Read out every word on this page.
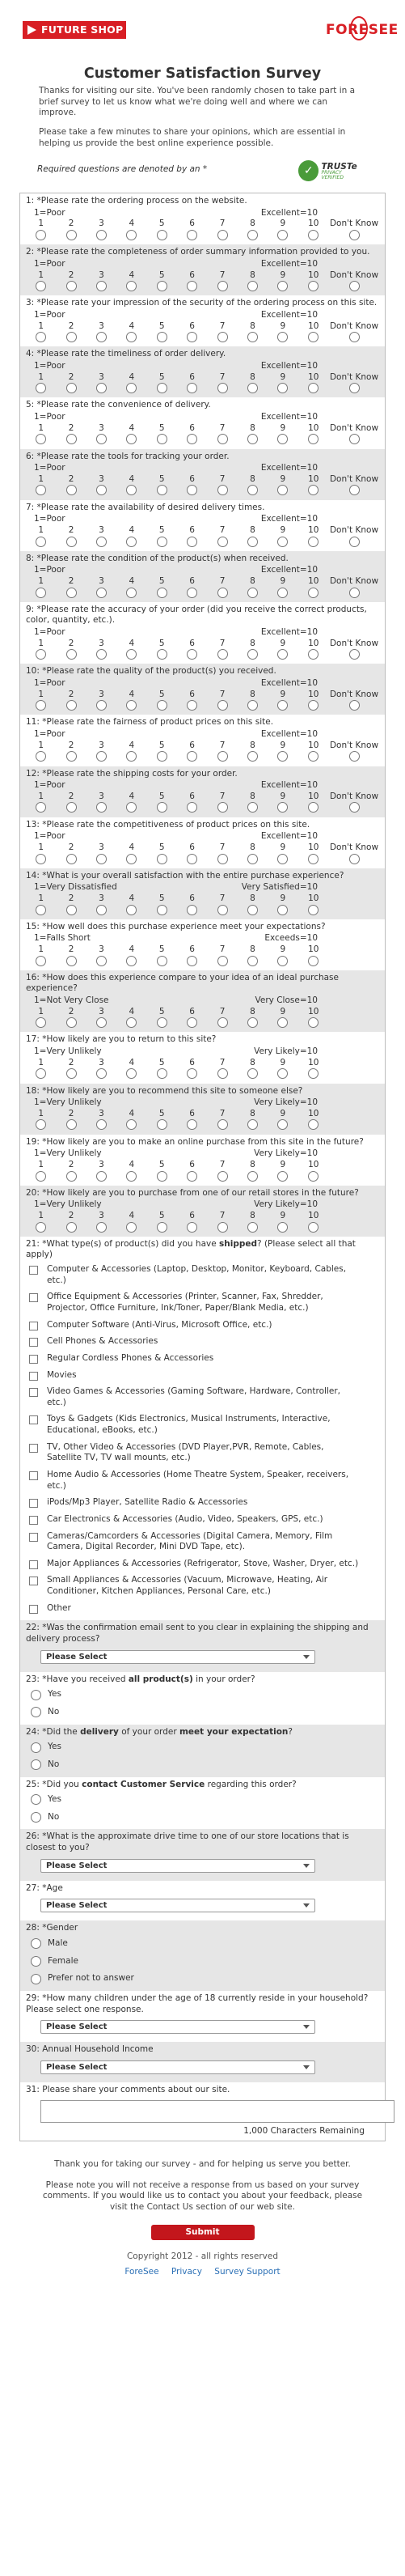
FUTURE SHOP	FORESEE
Customer Satisfaction Survey

Thanks for visiting our site. You've been randomly chosen to take part in a brief survey to let us know what we're doing well and where we can improve.

Please take a few minutes to share your opinions, which are essential in helping us provide the best online experience possible.

Required questions are denoted by an *	✓ TRUSTe
PRIVACY VERIFIED
1: *Please rate the ordering process on the website.
1=Poor	Excellent=10
1	2	3	4	5	6	7	8	9	10	Don't Know

2: *Please rate the completeness of order summary information provided to you.
1=Poor	Excellent=10
1	2	3	4	5	6	7	8	9	10	Don't Know

3: *Please rate your impression of the security of the ordering process on this site.
1=Poor	Excellent=10
1	2	3	4	5	6	7	8	9	10	Don't Know

4: *Please rate the timeliness of order delivery.
1=Poor	Excellent=10
1	2	3	4	5	6	7	8	9	10	Don't Know

5: *Please rate the convenience of delivery.
1=Poor	Excellent=10
1	2	3	4	5	6	7	8	9	10	Don't Know

6: *Please rate the tools for tracking your order.
1=Poor	Excellent=10
1	2	3	4	5	6	7	8	9	10	Don't Know

7: *Please rate the availability of desired delivery times.
1=Poor	Excellent=10
1	2	3	4	5	6	7	8	9	10	Don't Know

8: *Please rate the condition of the product(s) when received.
1=Poor	Excellent=10
1	2	3	4	5	6	7	8	9	10	Don't Know

9: *Please rate the accuracy of your order (did you receive the correct products, color, quantity, etc.).
1=Poor	Excellent=10
1	2	3	4	5	6	7	8	9	10	Don't Know

10: *Please rate the quality of the product(s) you received.
1=Poor	Excellent=10
1	2	3	4	5	6	7	8	9	10	Don't Know

11: *Please rate the fairness of product prices on this site.
1=Poor	Excellent=10
1	2	3	4	5	6	7	8	9	10	Don't Know

12: *Please rate the shipping costs for your order.
1=Poor	Excellent=10
1	2	3	4	5	6	7	8	9	10	Don't Know

13: *Please rate the competitiveness of product prices on this site.
1=Poor	Excellent=10
1	2	3	4	5	6	7	8	9	10	Don't Know

14: *What is your overall satisfaction with the entire purchase experience?
1=Very Dissatisfied	Very Satisfied=10
1	2	3	4	5	6	7	8	9	10	

15: *How well does this purchase experience meet your expectations?
1=Falls Short	Exceeds=10
1	2	3	4	5	6	7	8	9	10	

16: *How does this experience compare to your idea of an ideal purchase experience?
1=Not Very Close	Very Close=10
1	2	3	4	5	6	7	8	9	10	

17: *How likely are you to return to this site?
1=Very Unlikely	Very Likely=10
1	2	3	4	5	6	7	8	9	10	

18: *How likely are you to recommend this site to someone else?
1=Very Unlikely	Very Likely=10
1	2	3	4	5	6	7	8	9	10	

19: *How likely are you to make an online purchase from this site in the future?
1=Very Unlikely	Very Likely=10
1	2	3	4	5	6	7	8	9	10	

20: *How likely are you to purchase from one of our retail stores in the future?
1=Very Unlikely	Very Likely=10
1	2	3	4	5	6	7	8	9	10	

21: *What type(s) of product(s) did you have shipped? (Please select all that apply)
Computer & Accessories (Laptop, Desktop, Monitor, Keyboard, Cables, etc.)
Office Equipment & Accessories (Printer, Scanner, Fax, Shredder, Projector, Office Furniture, Ink/Toner, Paper/Blank Media, etc.)
Computer Software (Anti-Virus, Microsoft Office, etc.)
Cell Phones & Accessories
Regular Cordless Phones & Accessories
Movies
Video Games & Accessories (Gaming Software, Hardware, Controller, etc.)
Toys & Gadgets (Kids Electronics, Musical Instruments, Interactive, Educational, eBooks, etc.)
TV, Other Video & Accessories (DVD Player,PVR, Remote, Cables, Satellite TV, TV wall mounts, etc.)
Home Audio & Accessories (Home Theatre System, Speaker, receivers, etc.)
iPods/Mp3 Player, Satellite Radio & Accessories
Car Electronics & Accessories (Audio, Video, Speakers, GPS, etc.)
Cameras/Camcorders & Accessories (Digital Camera, Memory, Film Camera, Digital Recorder, Mini DVD Tape, etc).
Major Appliances & Accessories (Refrigerator, Stove, Washer, Dryer, etc.)
Small Appliances & Accessories (Vacuum, Microwave, Heating, Air Conditioner, Kitchen Appliances, Personal Care, etc.)
Other
22: *Was the confirmation email sent to you clear in explaining the shipping and delivery process?
Please Select
23: *Have you received all product(s) in your order?
Yes
No
24: *Did the delivery of your order meet your expectation?
Yes
No
25: *Did you contact Customer Service regarding this order?
Yes
No
26: *What is the approximate drive time to one of our store locations that is closest to you?
Please Select
27: *Age
Please Select
28: *Gender
Male
Female
Prefer not to answer
29: *How many children under the age of 18 currently reside in your household? Please select one response.
Please Select
30: Annual Household Income
Please Select
31: Please share your comments about our site.
1,000 Characters Remaining

Thank you for taking our survey - and for helping us serve you better.

Please note you will not receive a response from us based on your survey comments. If you would like us to contact you about your feedback, please visit the Contact Us section of our web site.

Submit
Copyright 2012 - all rights reserved
ForeSee Privacy Survey Support
